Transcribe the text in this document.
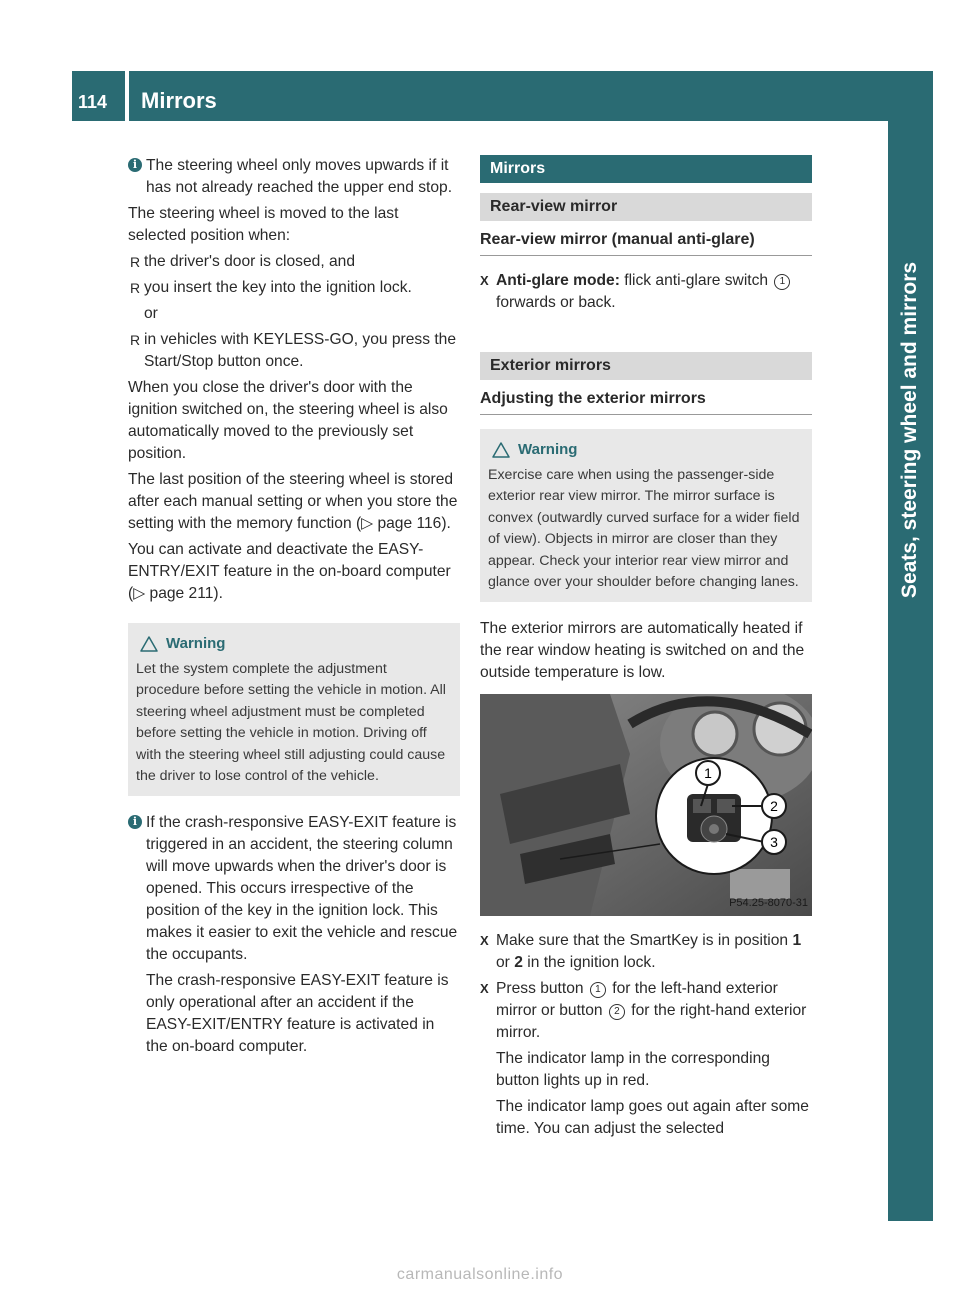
114 Mirrors
Seats, steering wheel and mirrors
i The steering wheel only moves upwards if it has not already reached the upper end stop.

The steering wheel is moved to the last selected position when:

R the driver's door is closed, and
R you insert the key into the ignition lock.
or
R in vehicles with KEYLESS-GO, you press the Start/Stop button once.

When you close the driver's door with the ignition switched on, the steering wheel is also automatically moved to the previously set position.

The last position of the steering wheel is stored after each manual setting or when you store the setting with the memory function (▷ page 116).

You can activate and deactivate the EASY-ENTRY/EXIT feature in the on-board computer (▷ page 211).

Warning
Let the system complete the adjustment procedure before setting the vehicle in motion. All steering wheel adjustment must be completed before setting the vehicle in motion. Driving off with the steering wheel still adjusting could cause the driver to lose control of the vehicle.
i If the crash-responsive EASY-EXIT feature is triggered in an accident, the steering column will move upwards when the driver's door is opened. This occurs irrespective of the position of the key in the ignition lock. This makes it easier to exit the vehicle and rescue the occupants.

The crash-responsive EASY-EXIT feature is only operational after an accident if the EASY-EXIT/ENTRY feature is activated in the on-board computer.

Mirrors
Rear-view mirror
Rear-view mirror (manual anti-glare)
X Anti-glare mode: flick anti-glare switch 1 forwards or back.
Exterior mirrors
Adjusting the exterior mirrors
Warning
Exercise care when using the passenger-side exterior rear view mirror. The mirror surface is convex (outwardly curved surface for a wider field of view). Objects in mirror are closer than they appear. Check your interior rear view mirror and glance over your shoulder before changing lanes.

The exterior mirrors are automatically heated if the rear window heating is switched on and the outside temperature is low.

1
2
3
P54.25-8070-31
X Make sure that the SmartKey is in position 1 or 2 in the ignition lock.
X Press button 1 for the left-hand exterior mirror or button 2 for the right-hand exterior mirror.

The indicator lamp in the corresponding button lights up in red.

The indicator lamp goes out again after some time. You can adjust the selected

carmanualsonline.info
